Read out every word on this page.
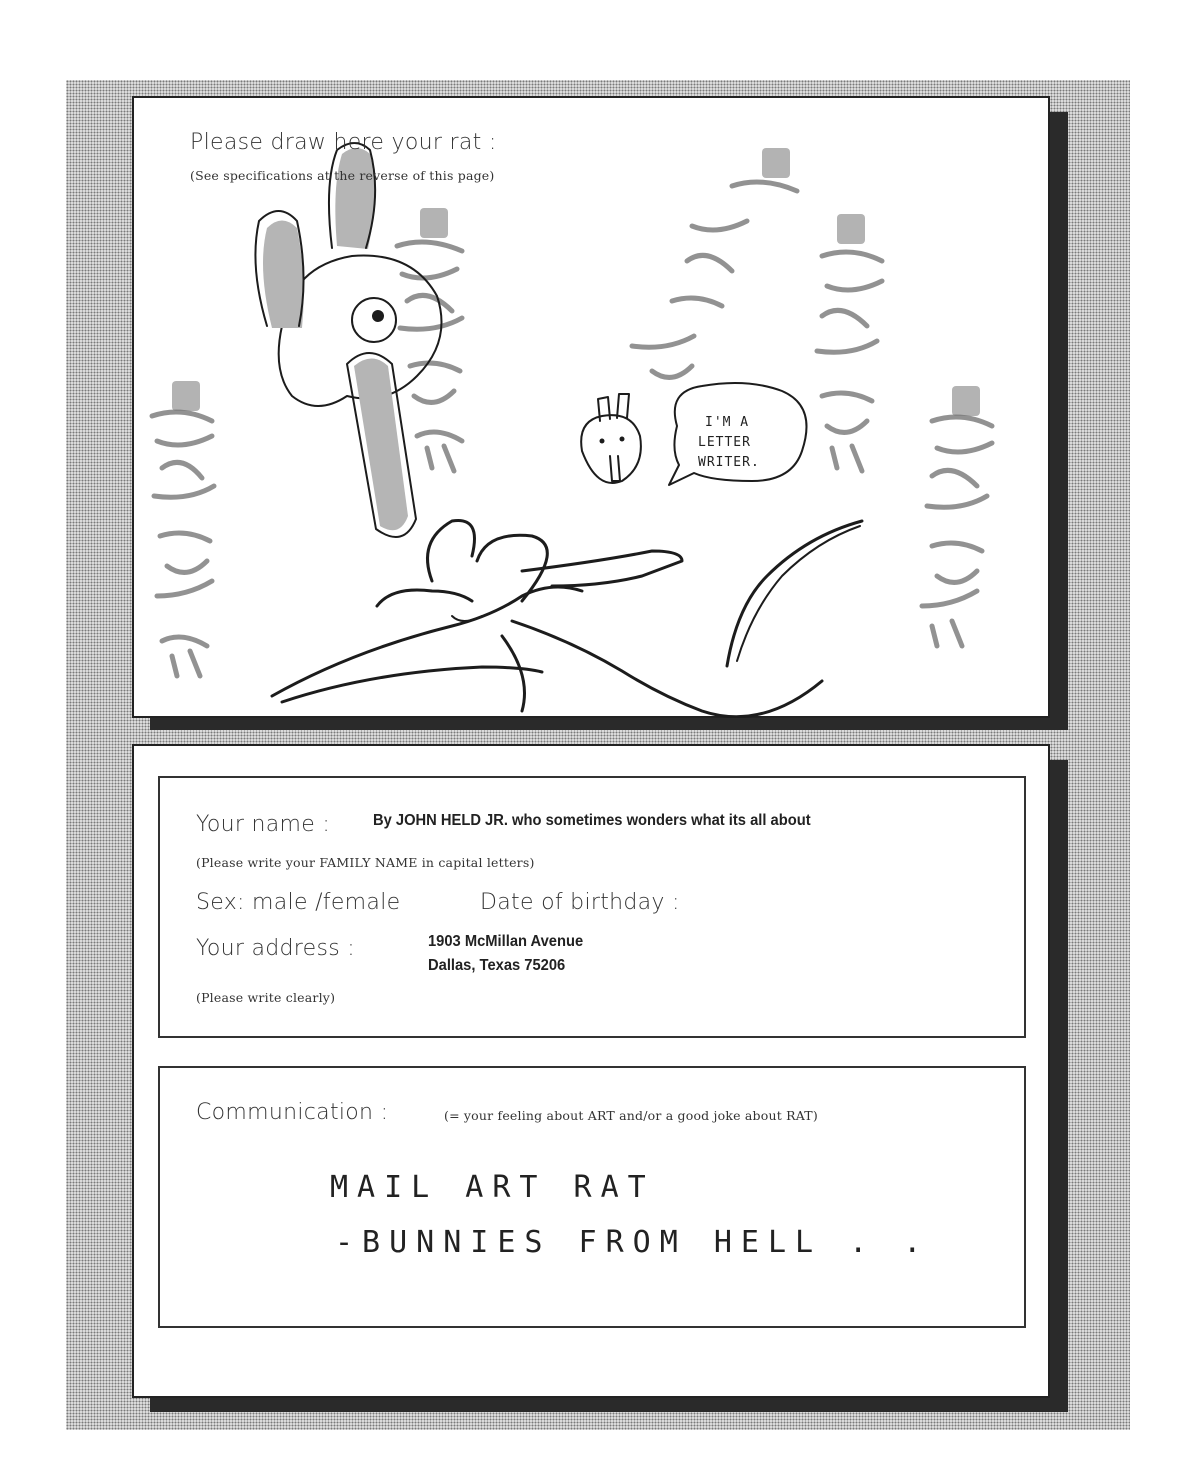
I'M A
LETTER
WRITER.
Please draw here your rat :
(See specifications at the reverse of this page)
Your name :	By JOHN HELD JR. who sometimes wonders what its all about
(Please write your FAMILY NAME in capital letters)
Sex: male /female	Date of birthday :
Your address :	1903 McMillan Avenue
Dallas, Texas 75206
(Please write clearly)
Communication :	(= your feeling about ART and/or a good joke about RAT)
MAIL ART RAT
-BUNNIES FROM HELL . .
